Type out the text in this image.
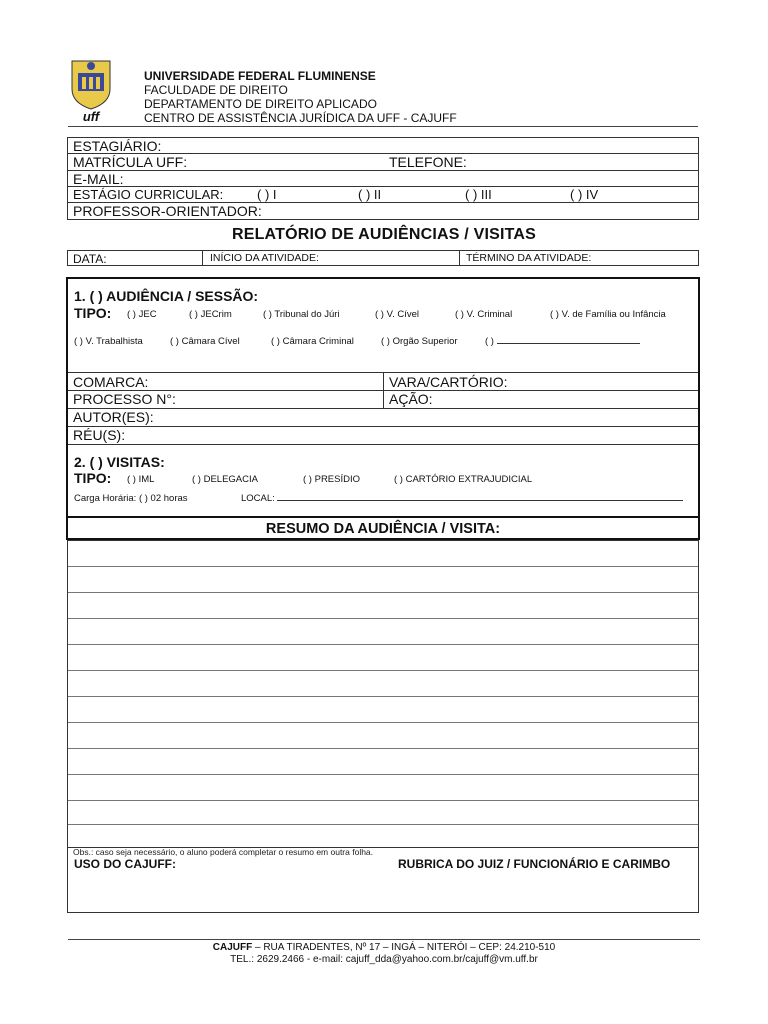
uff
UNIVERSIDADE FEDERAL FLUMINENSE
FACULDADE DE DIREITO
DEPARTAMENTO DE DIREITO APLICADO
CENTRO DE ASSISTÊNCIA JURÍDICA DA UFF - CAJUFF
ESTAGIÁRIO:
MATRÍCULA UFF:	TELEFONE:
E-MAIL:
ESTÁGIO CURRICULAR:	( ) I	( ) II	( ) III	( ) IV
PROFESSOR-ORIENTADOR:
RELATÓRIO DE AUDIÊNCIAS / VISITAS
DATA:	INÍCIO DA ATIVIDADE:	TÉRMINO DA ATIVIDADE:
1. ( ) AUDIÊNCIA / SESSÃO:
TIPO: ( ) JEC	( ) JECrim	( ) Tribunal do Júri	( ) V. Cível	( ) V. Criminal	( ) V. de Família ou Infância
( ) V. Trabalhista	( ) Câmara Cível	( ) Câmara Criminal	( ) Orgão Superior	( )
COMARCA:	VARA/CARTÓRIO:
PROCESSO N°:	AÇÃO:
AUTOR(ES):
RÉU(S):
2. ( ) VISITAS:
TIPO: ( ) IML	( ) DELEGACIA	( ) PRESÍDIO	( ) CARTÓRIO EXTRAJUDICIAL
Carga Horária: ( ) 02 horas	LOCAL:
RESUMO DA AUDIÊNCIA / VISITA:
Obs.: caso seja necessário, o aluno poderá completar o resumo em outra folha.
USO DO CAJUFF:	RUBRICA DO JUIZ / FUNCIONÁRIO E CARIMBO
CAJUFF – RUA TIRADENTES, Nº 17 – INGÁ – NITERÓI – CEP: 24.210-510
TEL.: 2629.2466 - e-mail: cajuff_dda@yahoo.com.br/cajuff@vm.uff.br
